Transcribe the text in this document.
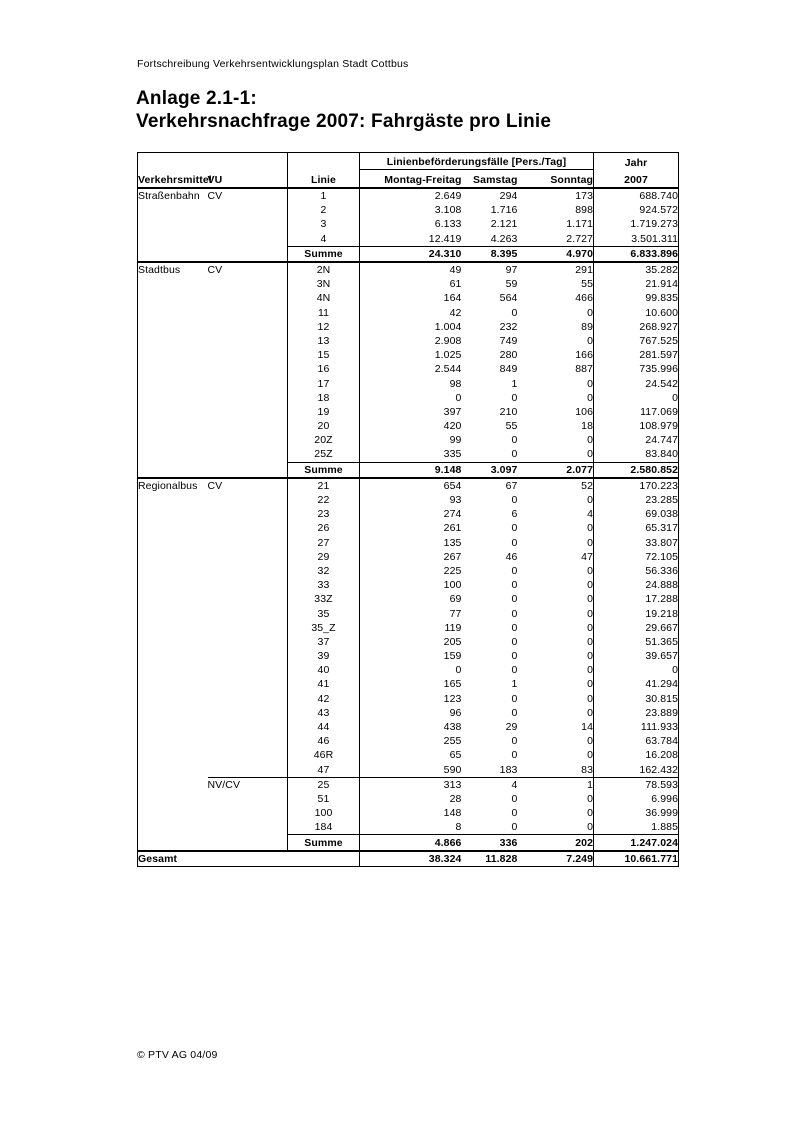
Fortschreibung Verkehrsentwicklungsplan Stadt Cottbus
Anlage 2.1-1:
Verkehrsnachfrage 2007: Fahrgäste pro Linie
			Linienbeförderungsfälle [Pers./Tag]			Jahr
Verkehrsmittel	VU	Linie	Montag-Freitag	Samstag	Sonntag	2007
Straßenbahn	CV	1	2.649	294	173	688.740
		2	3.108	1.716	898	924.572
		3	6.133	2.121	1.171	1.719.273
		4	12.419	4.263	2.727	3.501.311
		Summe	24.310	8.395	4.970	6.833.896
Stadtbus	CV	2N	49	97	291	35.282
		3N	61	59	55	21.914
		4N	164	564	466	99.835
		11	42	0	0	10.600
		12	1.004	232	89	268.927
		13	2.908	749	0	767.525
		15	1.025	280	166	281.597
		16	2.544	849	887	735.996
		17	98	1	0	24.542
		18	0	0	0	0
		19	397	210	106	117.069
		20	420	55	18	108.979
		20Z	99	0	0	24.747
		25Z	335	0	0	83.840
		Summe	9.148	3.097	2.077	2.580.852
Regionalbus	CV	21	654	67	52	170.223
		22	93	0	0	23.285
		23	274	6	4	69.038
		26	261	0	0	65.317
		27	135	0	0	33.807
		29	267	46	47	72.105
		32	225	0	0	56.336
		33	100	0	0	24.888
		33Z	69	0	0	17.288
		35	77	0	0	19.218
		35_Z	119	0	0	29.667
		37	205	0	0	51.365
		39	159	0	0	39.657
		40	0	0	0	0
		41	165	1	0	41.294
		42	123	0	0	30.815
		43	96	0	0	23.889
		44	438	29	14	111.933
		46	255	0	0	63.784
		46R	65	0	0	16.208
		47	590	183	83	162.432
	NV/CV	25	313	4	1	78.593
		51	28	0	0	6.996
		100	148	0	0	36.999
		184	8	0	0	1.885
		Summe	4.866	336	202	1.247.024
Gesamt			38.324	11.828	7.249	10.661.771
© PTV AG 04/09
